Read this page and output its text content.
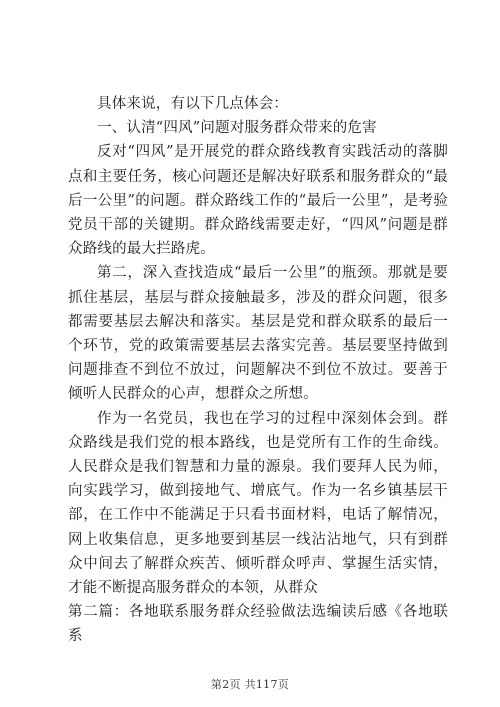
具体来说，有以下几点体会：

一、认清“四风”问题对服务群众带来的危害

反对“四风”是开展党的群众路线教育实践活动的落脚点和主要任务，核心问题还是解决好联系和服务群众的“最后一公里”的问题。群众路线工作的“最后一公里”，是考验党员干部的关键期。群众路线需要走好，“四风”问题是群众路线的最大拦路虎。

第二，深入查找造成“最后一公里”的瓶颈。那就是要抓住基层，基层与群众接触最多，涉及的群众问题，很多都需要基层去解决和落实。基层是党和群众联系的最后一个环节，党的政策需要基层去落实完善。基层要坚持做到问题排查不到位不放过，问题解决不到位不放过。要善于倾听人民群众的心声，想群众之所想。

作为一名党员，我也在学习的过程中深刻体会到。群众路线是我们党的根本路线，也是党所有工作的生命线。人民群众是我们智慧和力量的源泉。我们要拜人民为师，向实践学习，做到接地气、增底气。作为一名乡镇基层干部，在工作中不能满足于只看书面材料，电话了解情况，网上收集信息，更多地要到基层一线沾沾地气，只有到群众中间去了解群众疾苦、倾听群众呼声、掌握生活实情，才能不断提高服务群众的本领，从群众

第二篇：各地联系服务群众经验做法选编读后感《各地联系

第2页 共117页
